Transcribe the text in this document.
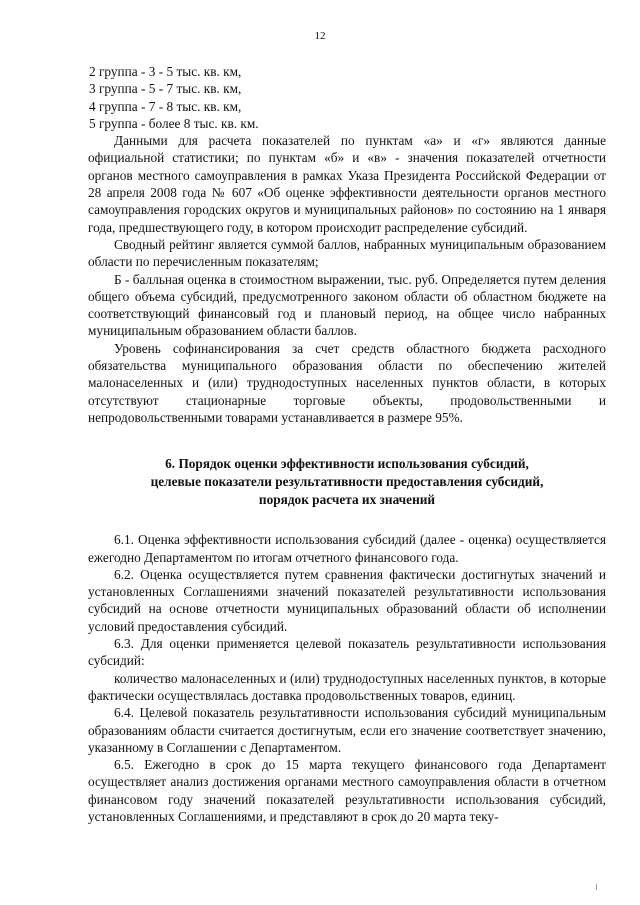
12
2 группа - 3 - 5 тыс. кв. км,
3 группа - 5 - 7 тыс. кв. км,
4 группа - 7 - 8 тыс. кв. км,
5 группа - более 8 тыс. кв. км.

Данными для расчета показателей по пунктам «а» и «г» являются данные официальной статистики; по пунктам «б» и «в» - значения показателей отчетности органов местного самоуправления в рамках Указа Президента Российской Федерации от 28 апреля 2008 года № 607 «Об оценке эффективности деятельности органов местного самоуправления городских округов и муниципальных районов» по состоянию на 1 января года, предшествующего году, в котором происходит распределение субсидий.

Сводный рейтинг является суммой баллов, набранных муниципальным образованием области по перечисленным показателям;

Б - балльная оценка в стоимостном выражении, тыс. руб. Определяется путем деления общего объема субсидий, предусмотренного законом области об областном бюджете на соответствующий финансовый год и плановый период, на общее число набранных муниципальным образованием области баллов.

Уровень софинансирования за счет средств областного бюджета расходного обязательства муниципального образования области по обеспечению жителей малонаселенных и (или) труднодоступных населенных пунктов области, в которых отсутствуют стационарные торговые объекты, продовольственными и непродовольственными товарами устанавливается в размере 95%.

6. Порядок оценки эффективности использования субсидий,
целевые показатели результативности предоставления субсидий,
порядок расчета их значений

6.1. Оценка эффективности использования субсидий (далее - оценка) осуществляется ежегодно Департаментом по итогам отчетного финансового года.

6.2. Оценка осуществляется путем сравнения фактически достигнутых значений и установленных Соглашениями значений показателей результативности использования субсидий на основе отчетности муниципальных образований области об исполнении условий предоставления субсидий.

6.3. Для оценки применяется целевой показатель результативности использования субсидий:

количество малонаселенных и (или) труднодоступных населенных пунктов, в которые фактически осуществлялась доставка продовольственных товаров, единиц.

6.4. Целевой показатель результативности использования субсидий муниципальным образованиям области считается достигнутым, если его значение соответствует значению, указанному в Соглашении с Департаментом.

6.5. Ежегодно в срок до 15 марта текущего финансового года Департамент осуществляет анализ достижения органами местного самоуправления области в отчетном финансовом году значений показателей результативности использования субсидий, установленных Соглашениями, и представляют в срок до 20 марта теку-
